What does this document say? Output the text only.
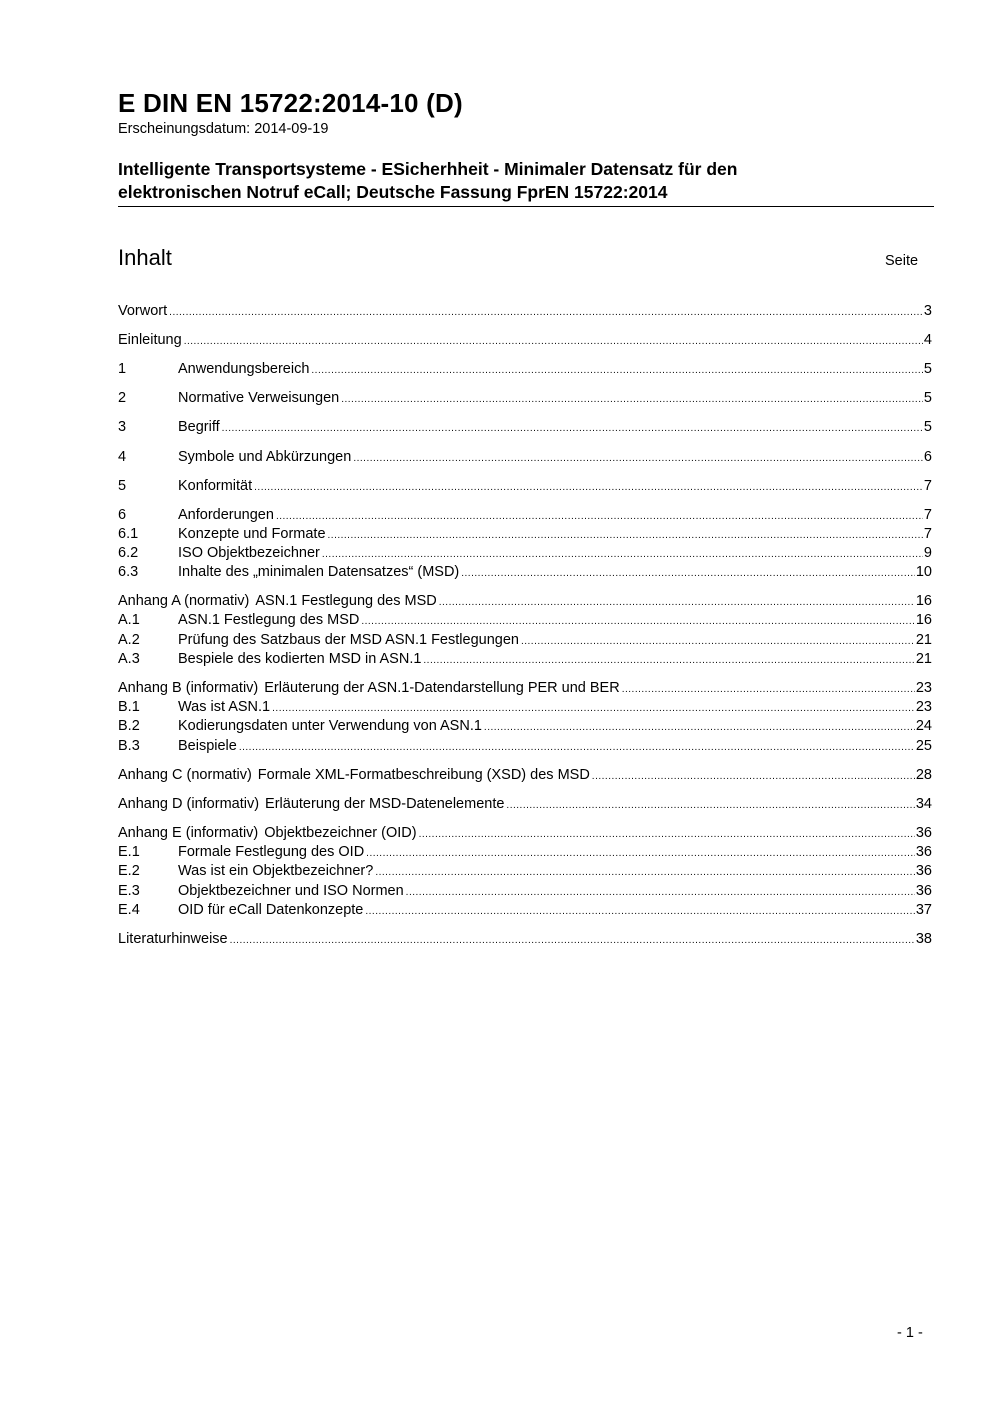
E DIN EN 15722:2014-10 (D)
Erscheinungsdatum: 2014-09-19
Intelligente Transportsysteme - ESicherhheit - Minimaler Datensatz für den
elektronischen Notruf eCall; Deutsche Fassung FprEN 15722:2014
Inhalt	Seite
Vorwort .....	3
Einleitung .....	4
1	Anwendungsbereich .....	5
2	Normative Verweisungen .....	5
3	Begriff .....	5
4	Symbole und Abkürzungen .....	6
5	Konformität .....	7
6	Anforderungen .....	7
6.1	Konzepte und Formate .....	7
6.2	ISO Objektbezeichner .....	9
6.3	Inhalte des „minimalen Datensatzes“ (MSD) .....	10
Anhang A (normativ) ASN.1 Festlegung des MSD .....	16
A.1	ASN.1 Festlegung des MSD .....	16
A.2	Prüfung des Satzbaus der MSD ASN.1 Festlegungen .....	21
A.3	Bespiele des kodierten MSD in ASN.1 .....	21
Anhang B (informativ) Erläuterung der ASN.1-Datendarstellung PER und BER .....	23
B.1	Was ist ASN.1 .....	23
B.2	Kodierungsdaten unter Verwendung von ASN.1 .....	24
B.3	Beispiele .....	25
Anhang C (normativ) Formale XML-Formatbeschreibung (XSD) des MSD .....	28
Anhang D (informativ) Erläuterung der MSD-Datenelemente .....	34
Anhang E (informativ) Objektbezeichner (OID) .....	36
E.1	Formale Festlegung des OID .....	36
E.2	Was ist ein Objektbezeichner? .....	36
E.3	Objektbezeichner und ISO Normen .....	36
E.4	OID für eCall Datenkonzepte .....	37
Literaturhinweise .....	38
- 1 -
